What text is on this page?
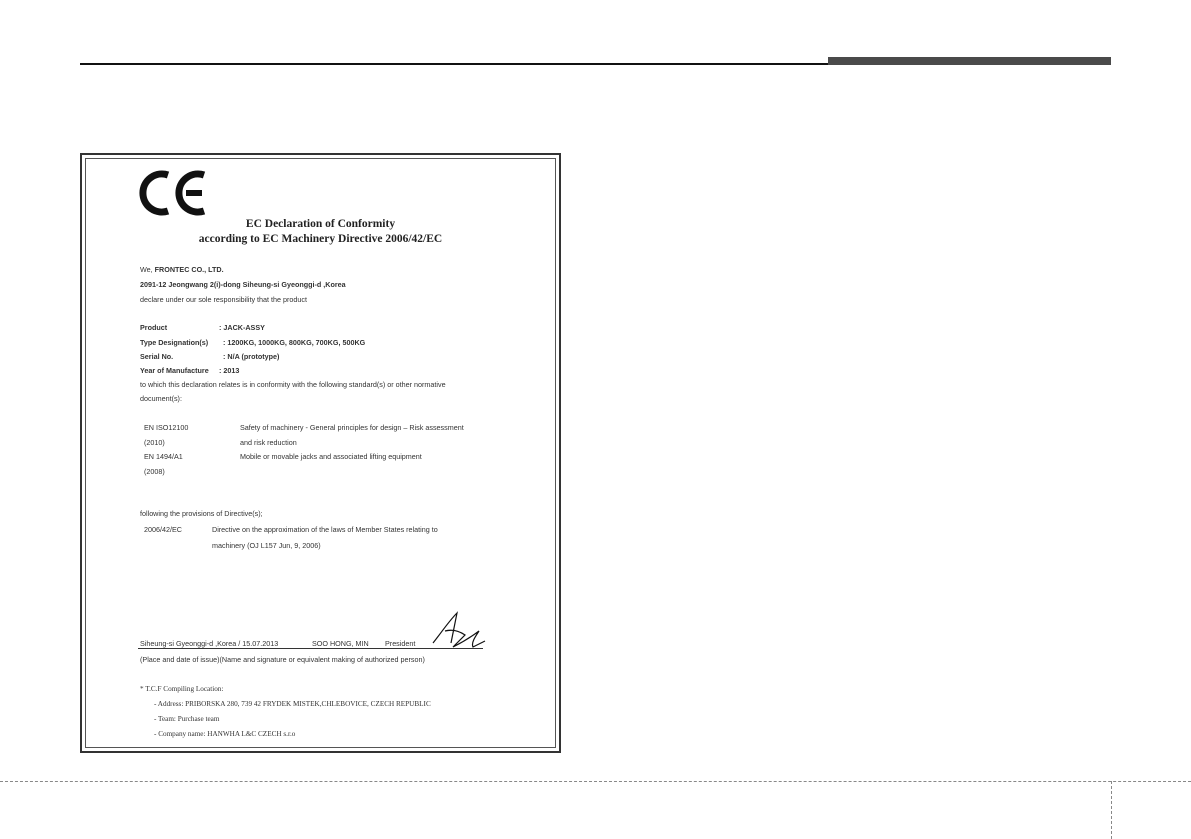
EC Declaration of Conformity
according to EC Machinery Directive 2006/42/EC
We, FRONTEC CO., LTD.
2091-12 Jeongwang 2(i)-dong Siheung-si Gyeonggi-d ,Korea
declare under our sole responsibility that the product
Product	: JACK-ASSY
Type Designation(s) : 1200KG, 1000KG, 800KG, 700KG, 500KG
Serial No.	: N/A (prototype)
Year of Manufacture : 2013
to which this declaration relates is in conformity with the following standard(s) or other normative
document(s):
EN ISO12100	Safety of machinery - General principles for design – Risk assessment
(2010)	and risk reduction
EN 1494/A1	Mobile or movable jacks and associated lifting equipment
(2008)
following the provisions of Directive(s);
2006/42/EC	Directive on the approximation of the laws of Member States relating to
machinery (OJ L157 Jun, 9, 2006)
Siheung-si Gyeonggi-d ,Korea / 15.07.2013	SOO HONG, MIN President
(Place and date of issue)(Name and signature or equivalent making of authorized person)
* T.C.F Compiling Location:
- Address: PRIBORSKA 280, 739 42 FRYDEK MISTEK,CHLEBOVICE, CZECH REPUBLIC
- Team: Purchase team
- Company name: HANWHA L&C CZECH s.r.o
